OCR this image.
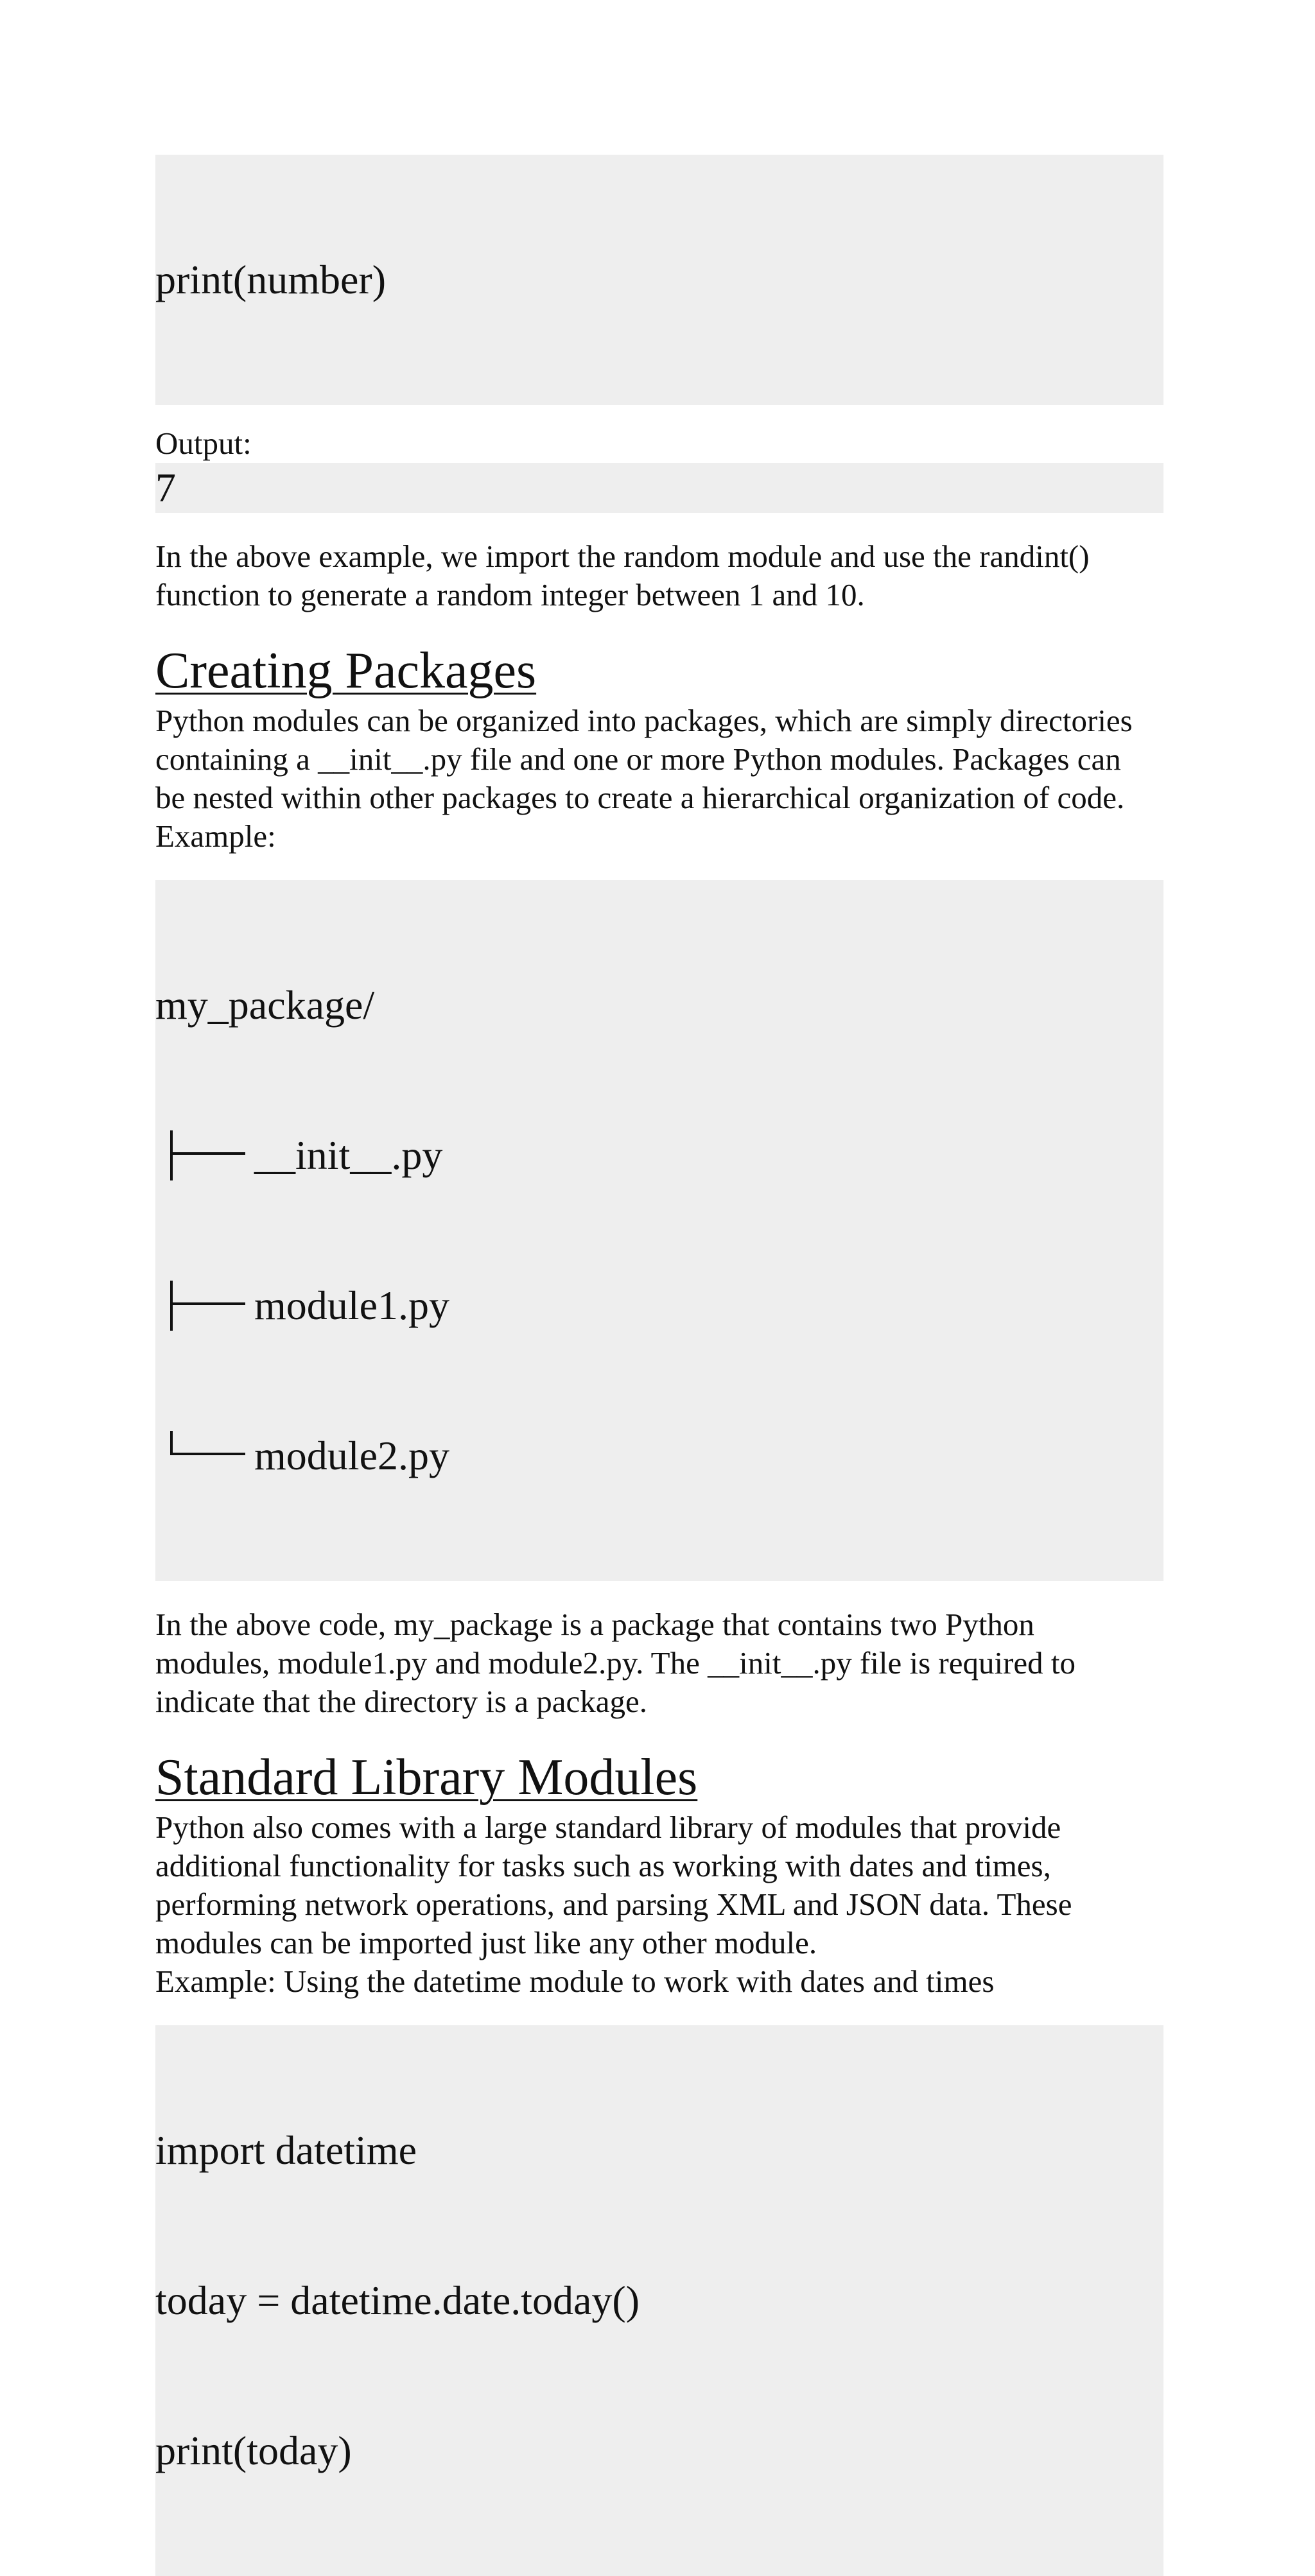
print(number)

Output:
7

In the above example, we import the random module and use the randint()

function to generate a random integer between 1 and 10.

Creating Packages

Python modules can be organized into packages, which are simply directories

containing a __init__.py file and one or more Python modules. Packages can

be nested within other packages to create a hierarchical organization of code.

Example:

my_package/

__init__.py

module1.py

module2.py

In the above code, my_package is a package that contains two Python

modules, module1.py and module2.py. The __init__.py file is required to

indicate that the directory is a package.

Standard Library Modules

Python also comes with a large standard library of modules that provide

additional functionality for tasks such as working with dates and times,

performing network operations, and parsing XML and JSON data. These

modules can be imported just like any other module.

Example: Using the datetime module to work with dates and times

import datetime

today = datetime.date.today()

print(today)
